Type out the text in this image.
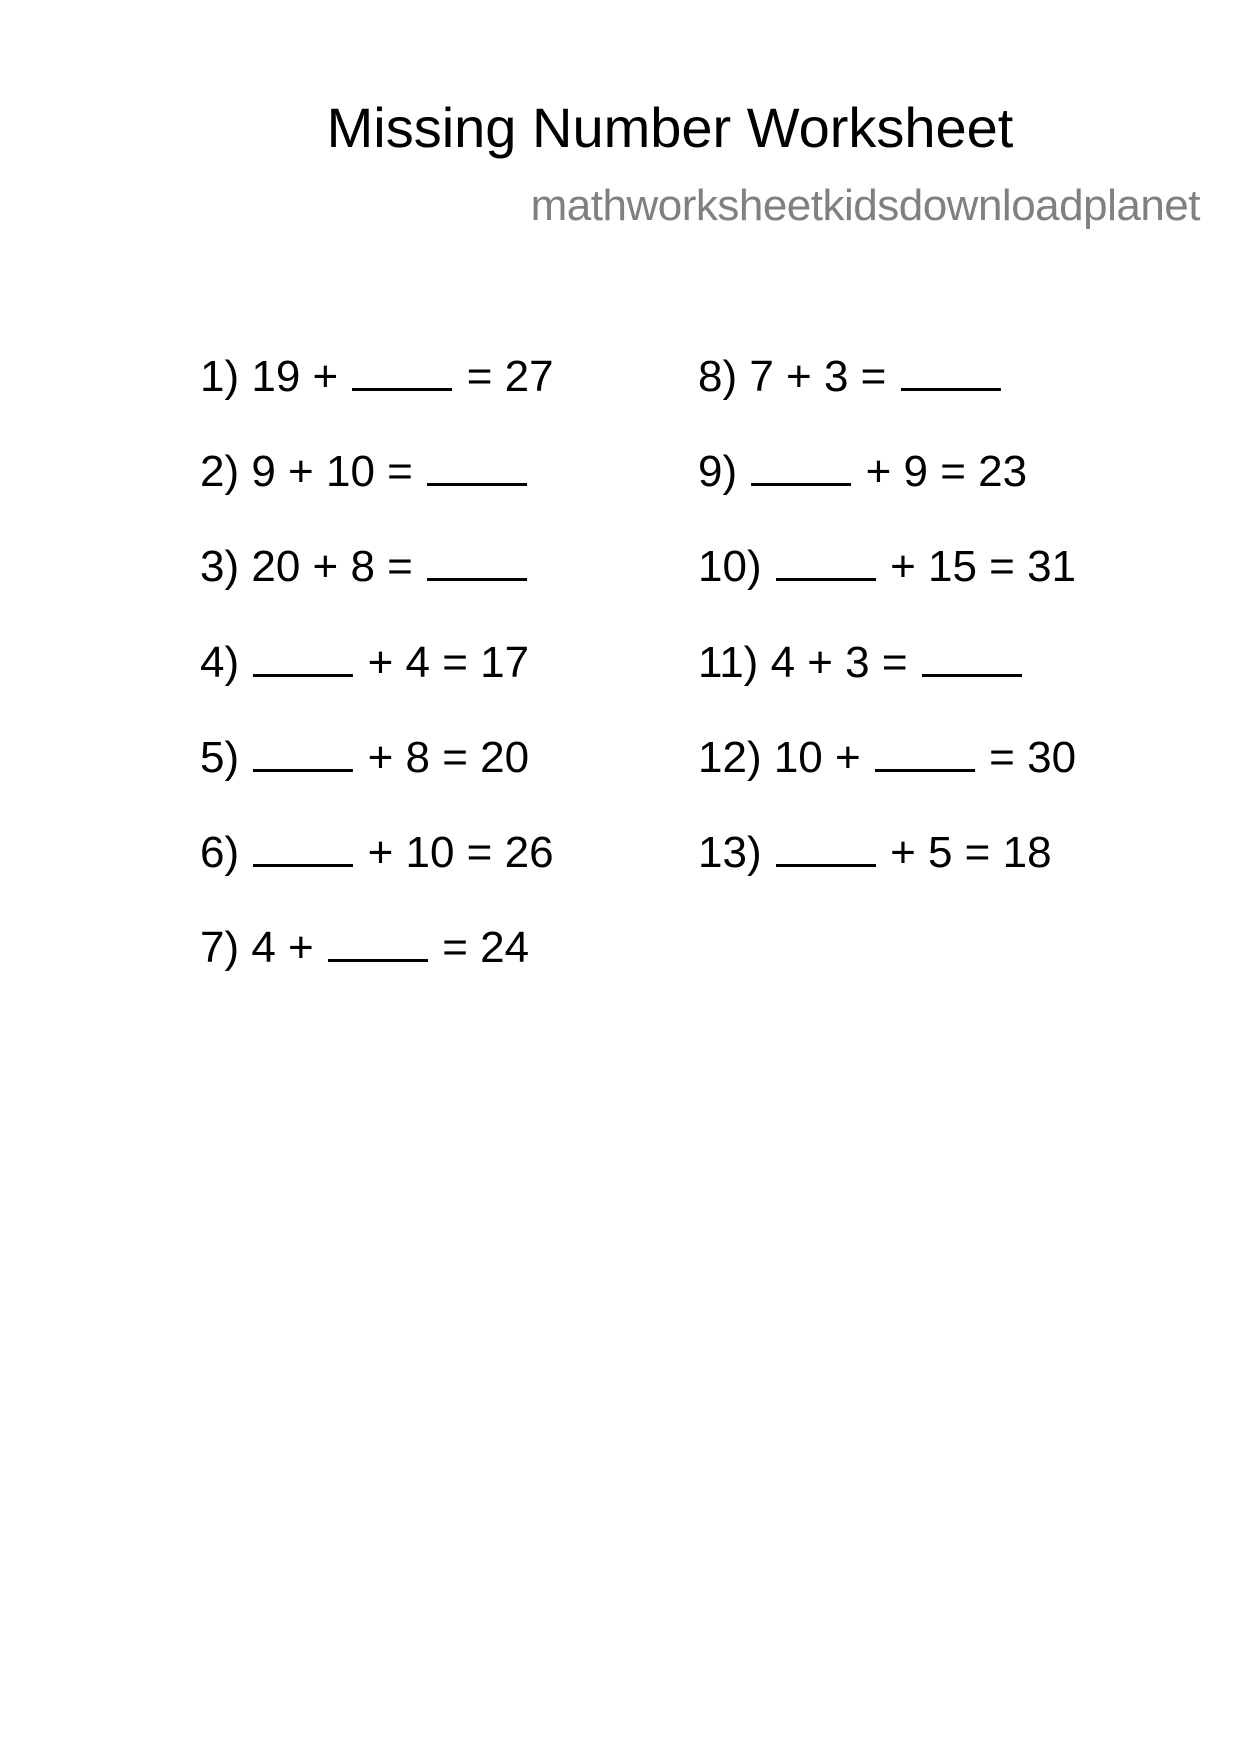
Missing Number Worksheet
mathworksheetkidsdownloadplanet
1) 19 +	= 27
2) 9 + 10 =
3) 20 + 8 =
4)	+ 4 = 17
5)	+ 8 = 20
6)	+ 10 = 26
7) 4 +	= 24
8) 7 + 3 =
9)	+ 9 = 23
10)	+ 15 = 31
11) 4 + 3 =
12) 10 +	= 30
13)	+ 5 = 18
